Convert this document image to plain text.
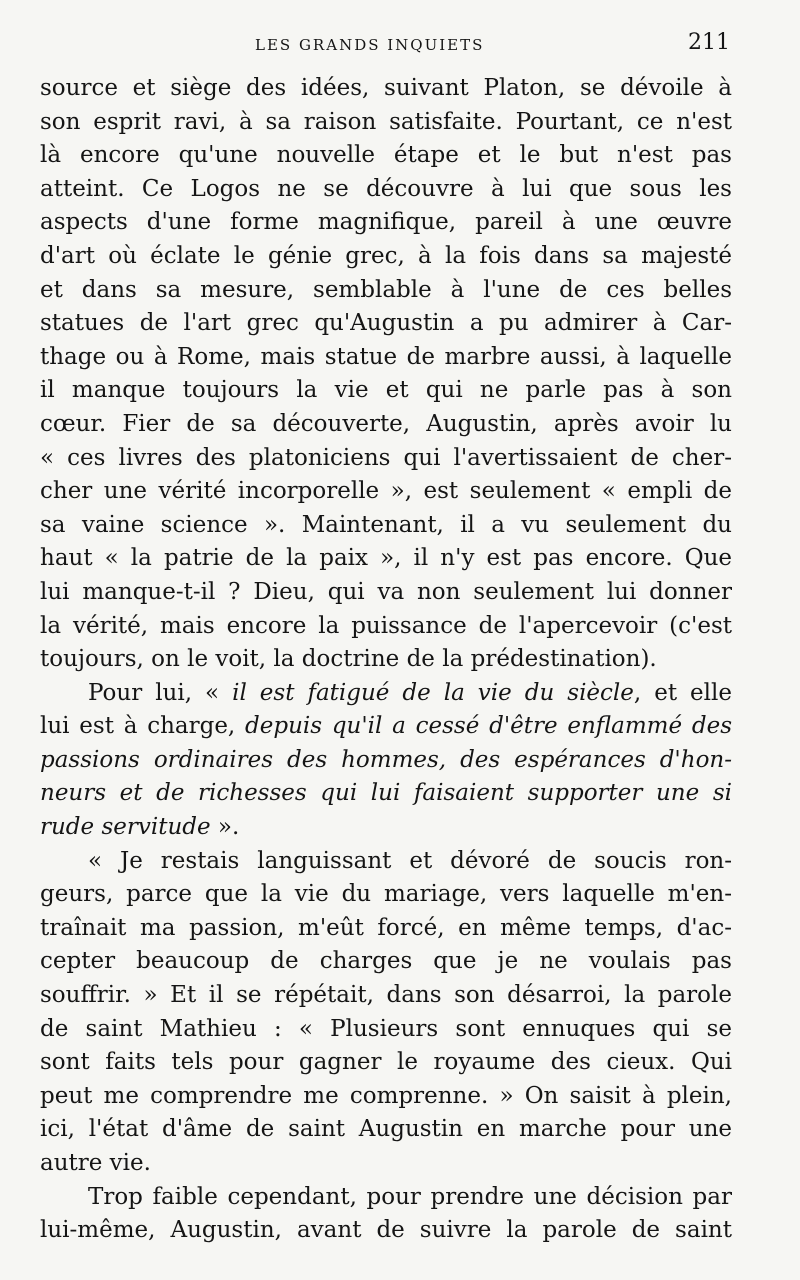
LES GRANDS INQUIETS	211
source et siège des idées, suivant Platon, se dévoile à
son esprit ravi, à sa raison satisfaite. Pourtant, ce n'est
là encore qu'une nouvelle étape et le but n'est pas
atteint. Ce Logos ne se découvre à lui que sous les
aspects d'une forme magnifique, pareil à une œuvre
d'art où éclate le génie grec, à la fois dans sa majesté
et dans sa mesure, semblable à l'une de ces belles
statues de l'art grec qu'Augustin a pu admirer à Car-
thage ou à Rome, mais statue de marbre aussi, à laquelle
il manque toujours la vie et qui ne parle pas à son
cœur. Fier de sa découverte, Augustin, après avoir lu
« ces livres des platoniciens qui l'avertissaient de cher-
cher une vérité incorporelle », est seulement « empli de
sa vaine science ». Maintenant, il a vu seulement du
haut « la patrie de la paix », il n'y est pas encore. Que
lui manque-t-il ? Dieu, qui va non seulement lui donner
la vérité, mais encore la puissance de l'apercevoir (c'est
toujours, on le voit, la doctrine de la prédestination).
Pour lui, « il est fatigué de la vie du siècle, et elle
lui est à charge, depuis qu'il a cessé d'être enflammé des
passions ordinaires des hommes, des espérances d'hon-
neurs et de richesses qui lui faisaient supporter une si
rude servitude ».
« Je restais languissant et dévoré de soucis ron-
geurs, parce que la vie du mariage, vers laquelle m'en-
traînait ma passion, m'eût forcé, en même temps, d'ac-
cepter beaucoup de charges que je ne voulais pas
souffrir. » Et il se répétait, dans son désarroi, la parole
de saint Mathieu : « Plusieurs sont ennuques qui se
sont faits tels pour gagner le royaume des cieux. Qui
peut me comprendre me comprenne. » On saisit à plein,
ici, l'état d'âme de saint Augustin en marche pour une
autre vie.
Trop faible cependant, pour prendre une décision par
lui-même, Augustin, avant de suivre la parole de saint
